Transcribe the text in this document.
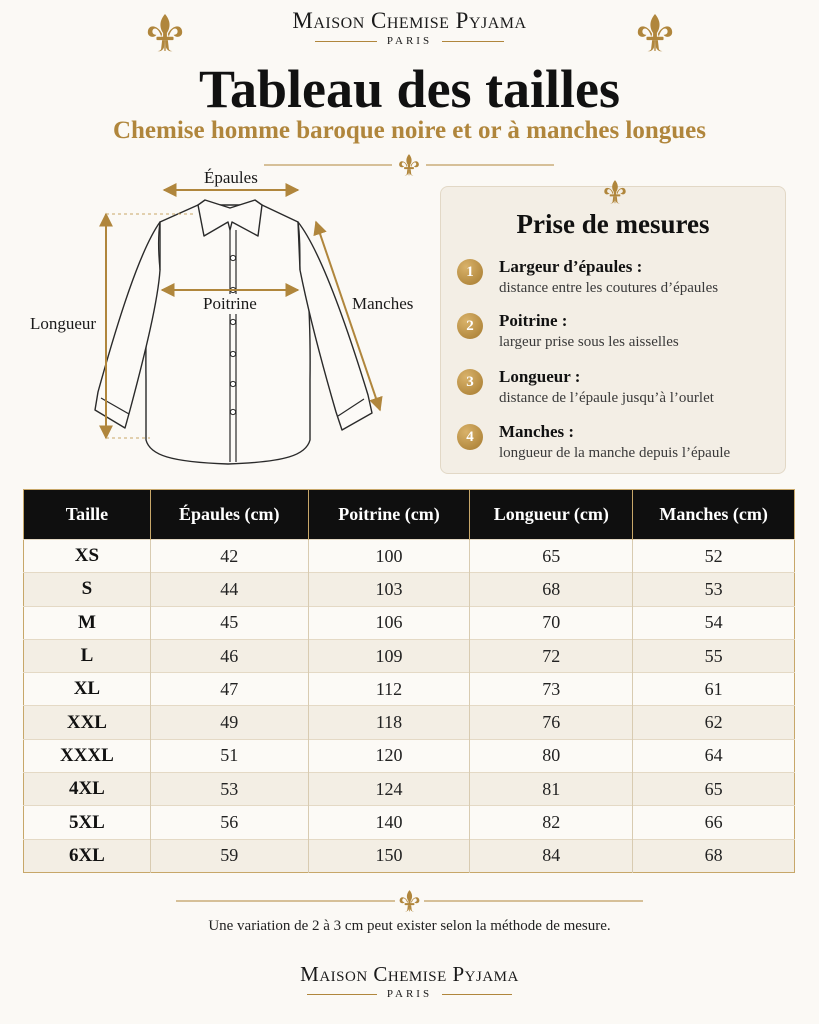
Maison Chemise Pyjama
PARIS
Tableau des tailles
Chemise homme baroque noire et or à manches longues
Épaules
Poitrine	Manches
Longueur
Prise de mesures
1	Largeur d’épaules :
distance entre les coutures d’épaules
2	Poitrine :
largeur prise sous les aisselles
3	Longueur :
distance de l’épaule jusqu’à l’ourlet
4	Manches :
longueur de la manche depuis l’épaule
Taille	Épaules (cm)	Poitrine (cm)	Longueur (cm)	Manches (cm)
XS	42	100	65	52
S	44	103	68	53
M	45	106	70	54
L	46	109	72	55
XL	47	112	73	61
XXL	49	118	76	62
XXXL	51	120	80	64
4XL	53	124	81	65
5XL	56	140	82	66
6XL	59	150	84	68
Une variation de 2 à 3 cm peut exister selon la méthode de mesure.
Maison Chemise Pyjama
PARIS
